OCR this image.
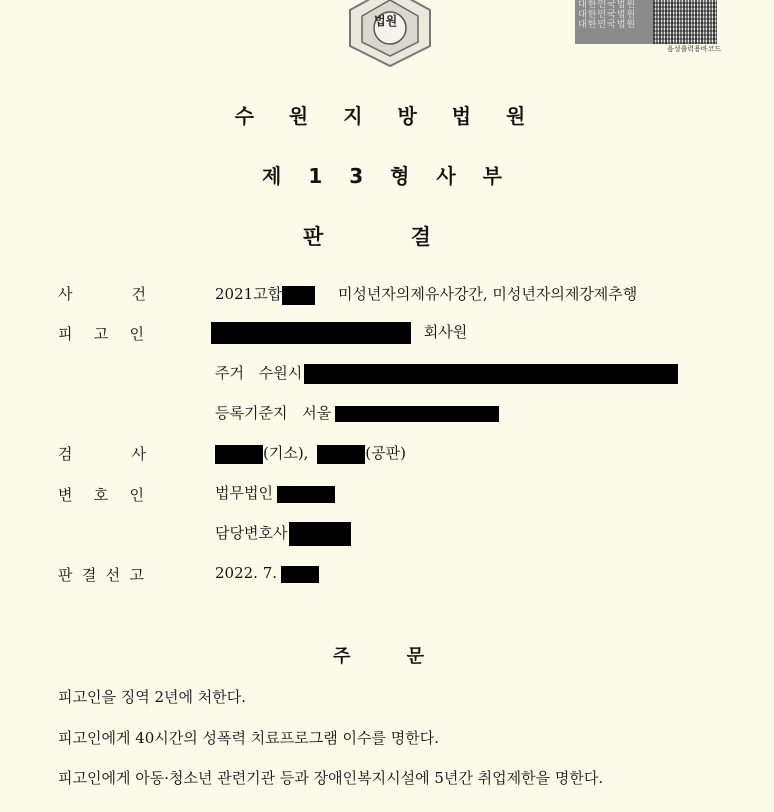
법원
대한민국법원
대한민국법원
대한민국법원
음성출력용바코드
수 원 지 방 법 원
제 1 3 형 사 부
판 결
사	건	2021고합	미성년자의제유사강간, 미성년자의제강제추행
피 고 인	회사원
주거 수원시
등록기준지 서울
검	사	(기소),	(공판)
변 호 인	법무법인
담당변호사
판 결 선 고	2022. 7.
주 문
피고인을 징역 2년에 처한다.
피고인에게 40시간의 성폭력 치료프로그램 이수를 명한다.
피고인에게 아동·청소년 관련기관 등과 장애인복지시설에 5년간 취업제한을 명한다.
